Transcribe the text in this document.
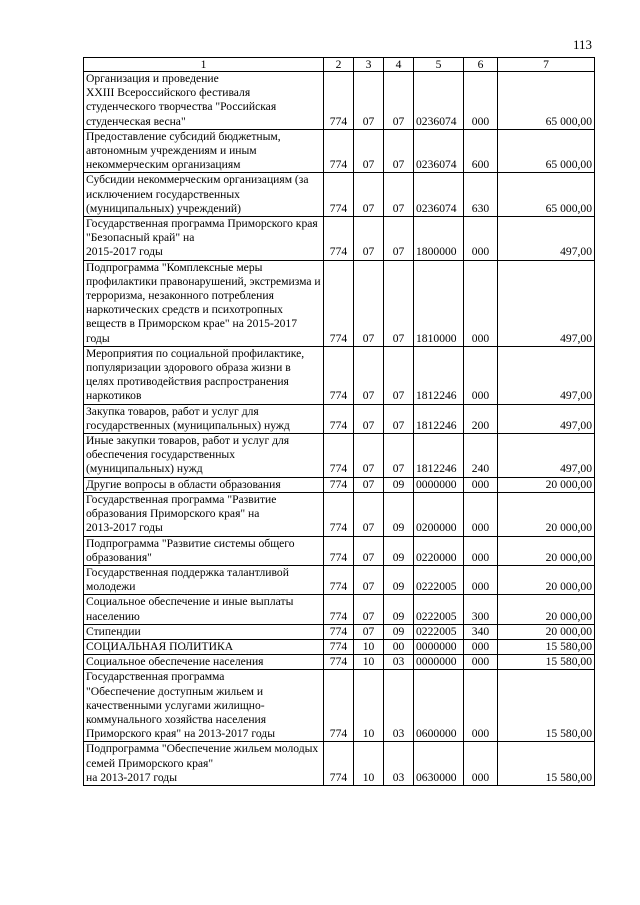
113
1	2	3	4	5	6	7
Организация и проведение
XXIII Всероссийского фестиваля студенческого творчества "Российская студенческая весна"	774	07	07	0236074	000	65 000,00
Предоставление субсидий бюджетным, автономным учреждениям и иным некоммерческим организациям	774	07	07	0236074	600	65 000,00
Субсидии некоммерческим организациям (за исключением государственных (муниципальных) учреждений)	774	07	07	0236074	630	65 000,00
Государственная программа Приморского края "Безопасный край" на
2015-2017 годы	774	07	07	1800000	000	497,00
Подпрограмма "Комплексные меры профилактики правонарушений, экстремизма и терроризма, незаконного потребления наркотических средств и психотропных веществ в Приморском крае" на 2015-2017 годы	774	07	07	1810000	000	497,00
Мероприятия по социальной профилактике, популяризации здорового образа жизни в целях противодействия распространения наркотиков	774	07	07	1812246	000	497,00
Закупка товаров, работ и услуг для государственных (муниципальных) нужд	774	07	07	1812246	200	497,00
Иные закупки товаров, работ и услуг для обеспечения государственных (муниципальных) нужд	774	07	07	1812246	240	497,00
Другие вопросы в области образования	774	07	09	0000000	000	20 000,00
Государственная программа "Развитие образования Приморского края" на
2013-2017 годы	774	07	09	0200000	000	20 000,00
Подпрограмма "Развитие системы общего образования"	774	07	09	0220000	000	20 000,00
Государственная поддержка талантливой молодежи	774	07	09	0222005	000	20 000,00
Социальное обеспечение и иные выплаты населению	774	07	09	0222005	300	20 000,00
Стипендии	774	07	09	0222005	340	20 000,00
СОЦИАЛЬНАЯ ПОЛИТИКА	774	10	00	0000000	000	15 580,00
Социальное обеспечение населения	774	10	03	0000000	000	15 580,00
Государственная программа
"Обеспечение доступным жильем и качественными услугами жилищно-коммунального хозяйства населения Приморского края" на 2013-2017 годы	774	10	03	0600000	000	15 580,00
Подпрограмма "Обеспечение жильем молодых семей Приморского края"
на 2013-2017 годы	774	10	03	0630000	000	15 580,00
